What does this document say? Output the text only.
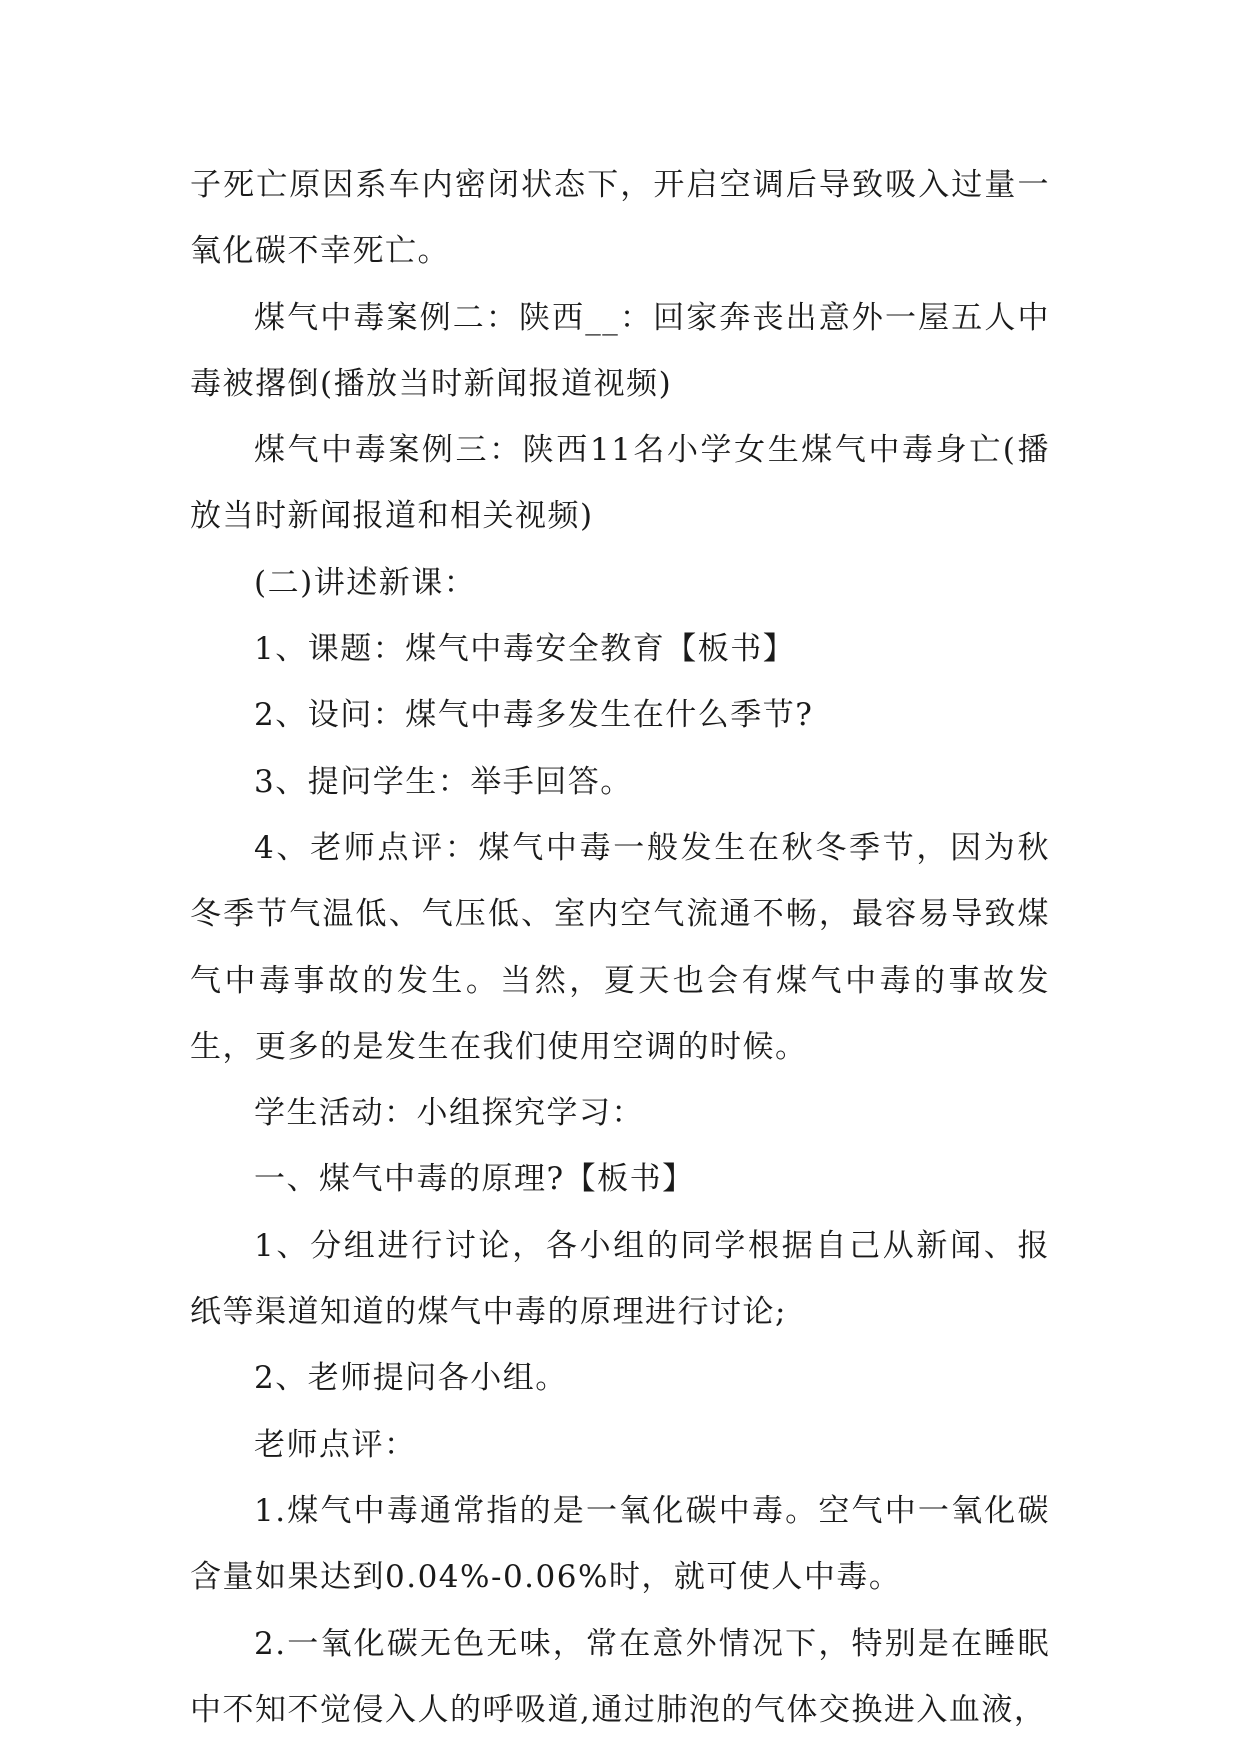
子死亡原因系车内密闭状态下，开启空调后导致吸入过量一氧化碳不幸死亡。

煤气中毒案例二：陕西__：回家奔丧出意外一屋五人中毒被撂倒(播放当时新闻报道视频)

煤气中毒案例三：陕西11名小学女生煤气中毒身亡(播放当时新闻报道和相关视频)

(二)讲述新课：

1、课题：煤气中毒安全教育【板书】

2、设问：煤气中毒多发生在什么季节?

3、提问学生：举手回答。

4、老师点评：煤气中毒一般发生在秋冬季节，因为秋冬季节气温低、气压低、室内空气流通不畅，最容易导致煤气中毒事故的发生。当然，夏天也会有煤气中毒的事故发生，更多的是发生在我们使用空调的时候。

学生活动：小组探究学习：

一、煤气中毒的原理?【板书】

1、分组进行讨论，各小组的同学根据自己从新闻、报纸等渠道知道的煤气中毒的原理进行讨论;

2、老师提问各小组。

老师点评：

1.煤气中毒通常指的是一氧化碳中毒。空气中一氧化碳含量如果达到0.04%-0.06%时，就可使人中毒。

2.一氧化碳无色无味，常在意外情况下，特别是在睡眠中不知不觉侵入人的呼吸道,通过肺泡的气体交换进入血液，
